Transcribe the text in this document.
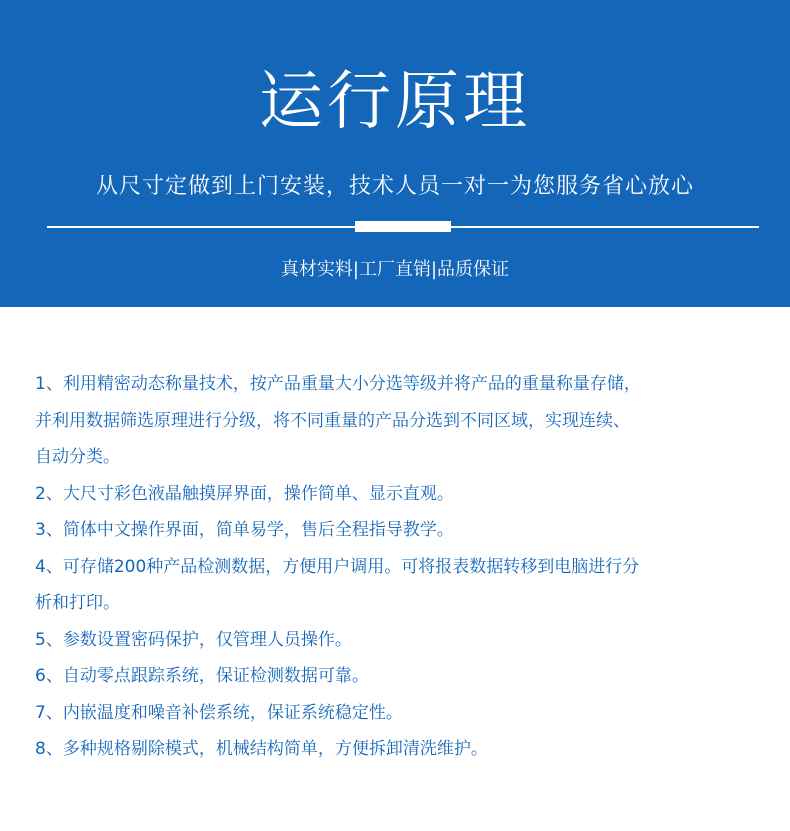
运行原理
从尺寸定做到上门安装，技术人员一对一为您服务省心放心
真材实料|工厂直销|品质保证

1、利用精密动态称量技术，按产品重量大小分选等级并将产品的重量称量存储，

并利用数据筛选原理进行分级，将不同重量的产品分选到不同区域，实现连续、

自动分类。

2、大尺寸彩色液晶触摸屏界面，操作简单、显示直观。

3、简体中文操作界面，简单易学，售后全程指导教学。

4、可存储200种产品检测数据，方便用户调用。可将报表数据转移到电脑进行分

析和打印。

5、参数设置密码保护，仅管理人员操作。

6、自动零点跟踪系统，保证检测数据可靠。

7、内嵌温度和噪音补偿系统，保证系统稳定性。

8、多种规格剔除模式，机械结构简单，方便拆卸清洗维护。
